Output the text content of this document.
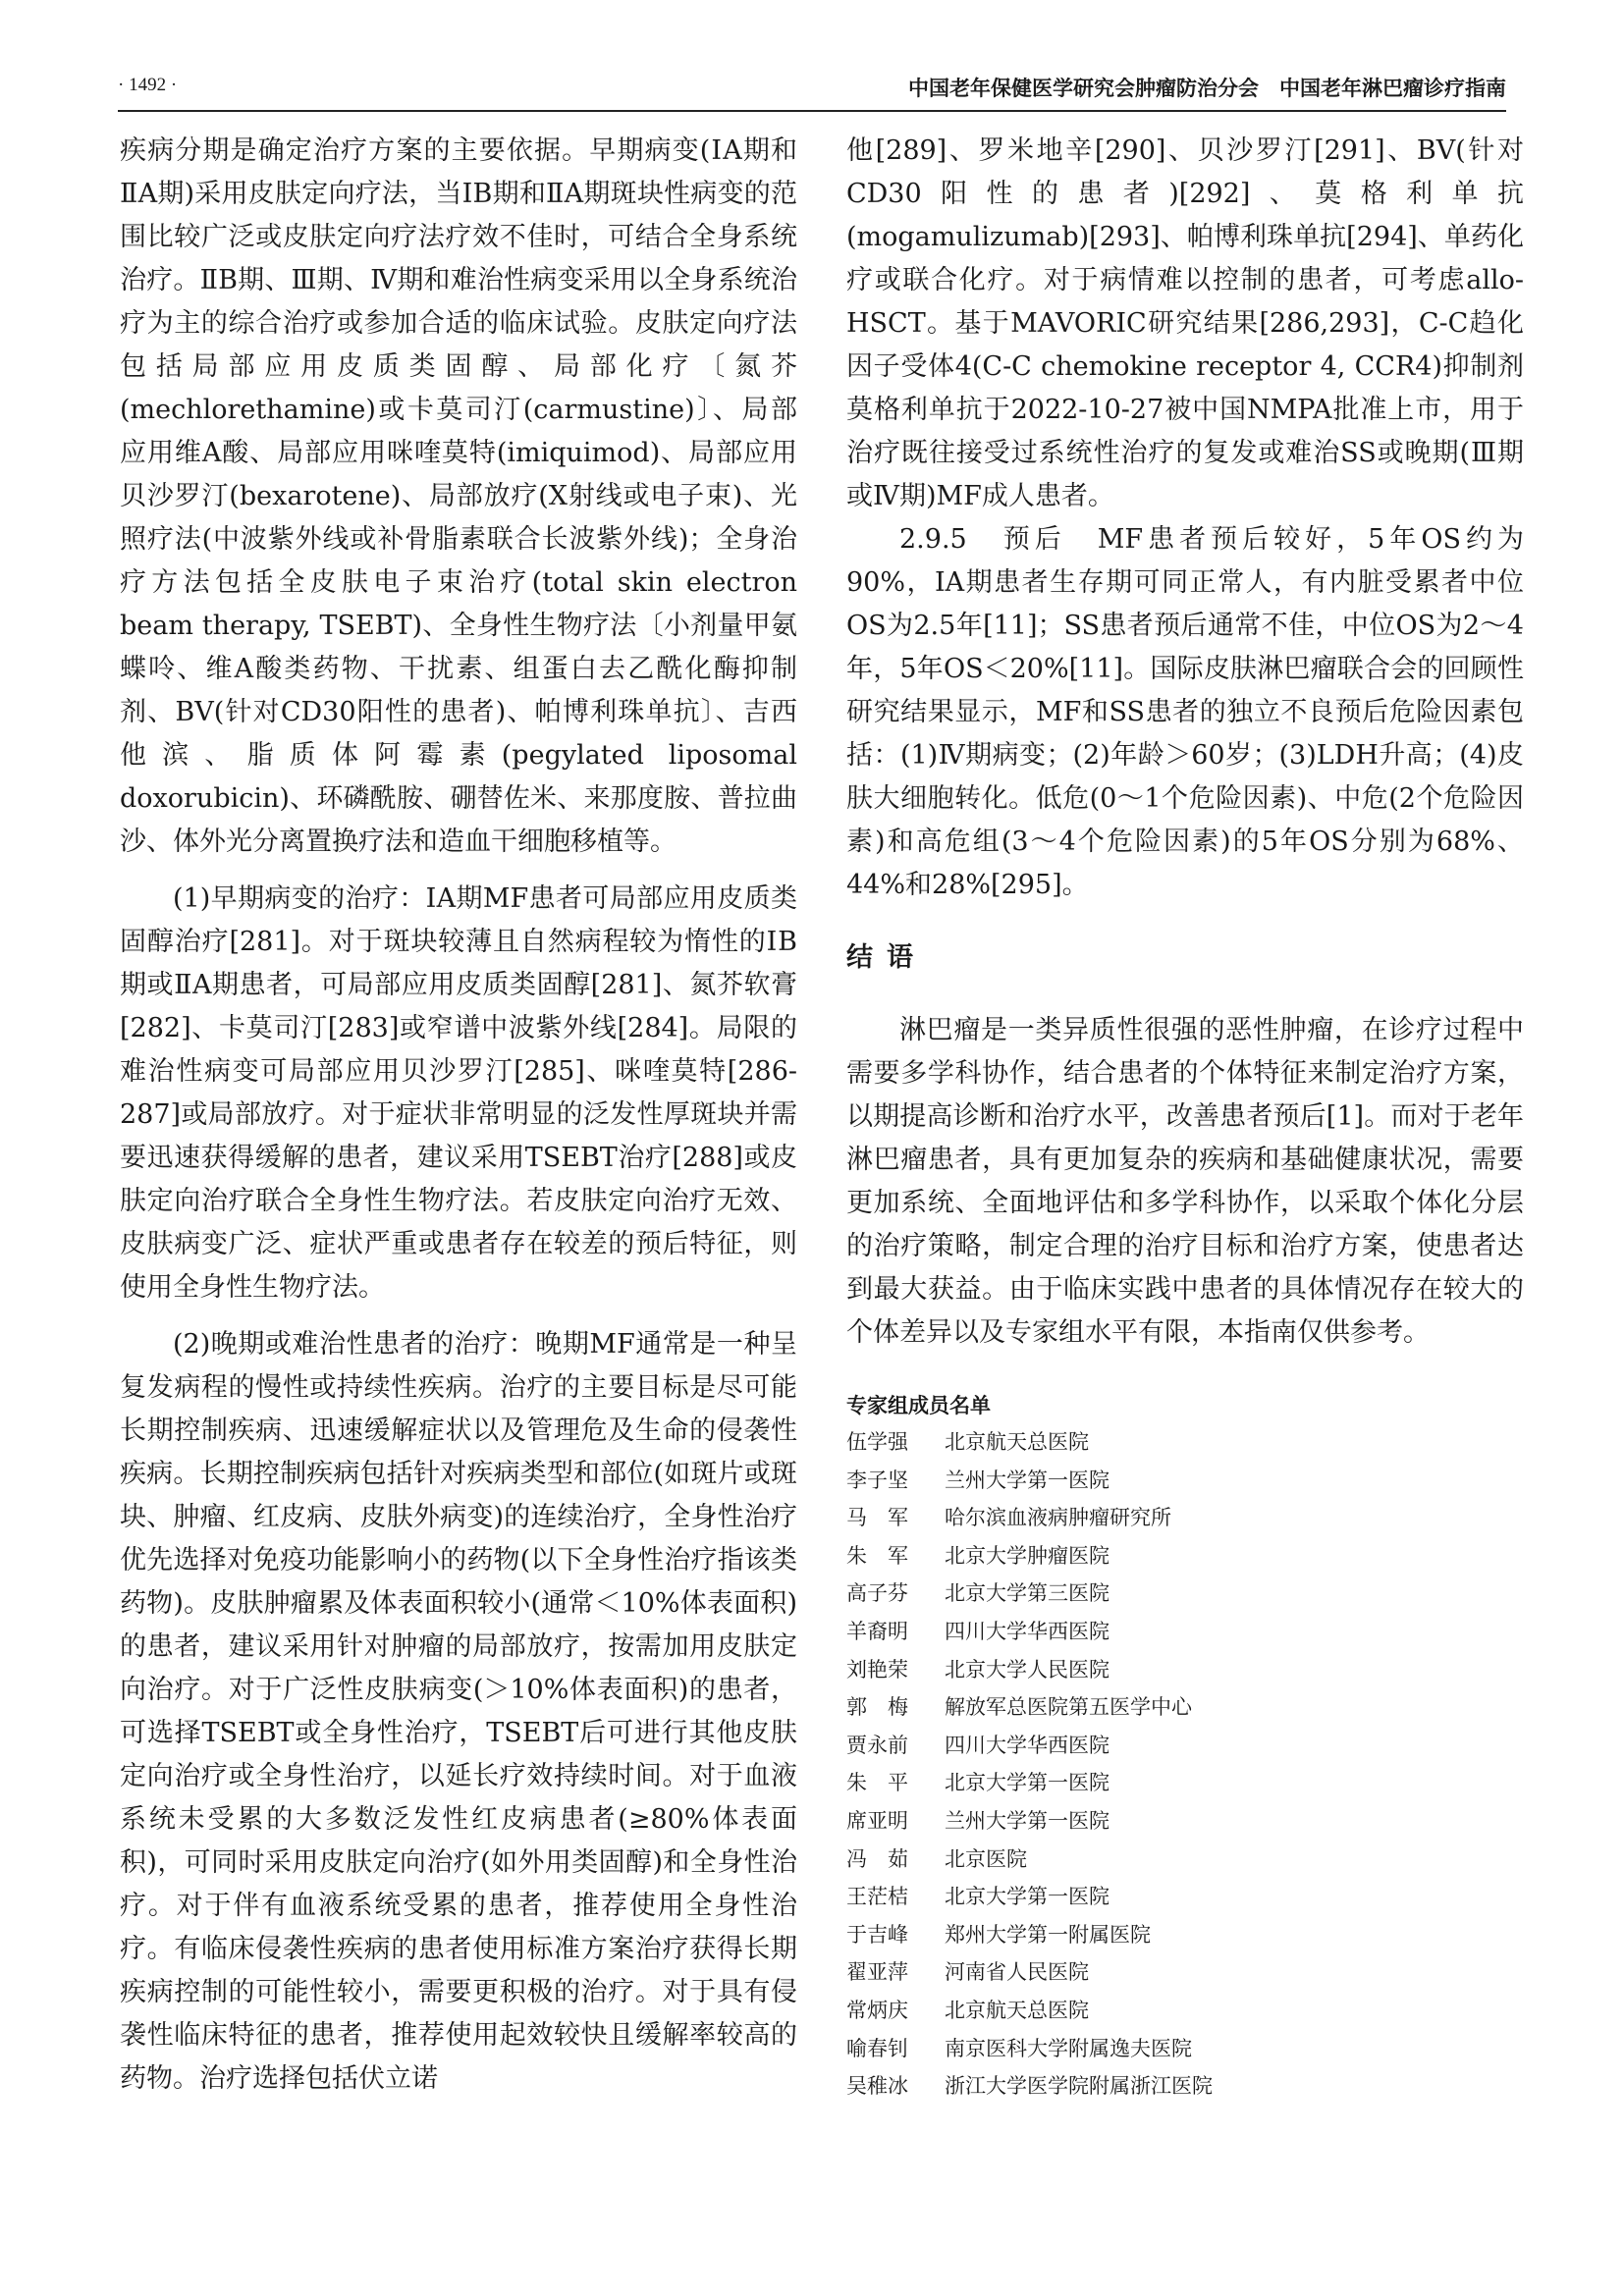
· 1492 ·	中国老年保健医学研究会肿瘤防治分会　中国老年淋巴瘤诊疗指南

疾病分期是确定治疗方案的主要依据。早期病变(ⅠA期和ⅡA期)采用皮肤定向疗法，当ⅠB期和ⅡA期斑块性病变的范围比较广泛或皮肤定向疗法疗效不佳时，可结合全身系统治疗。ⅡB期、Ⅲ期、Ⅳ期和难治性病变采用以全身系统治疗为主的综合治疗或参加合适的临床试验。皮肤定向疗法包括局部应用皮质类固醇、局部化疗〔氮芥(mechlorethamine)或卡莫司汀(carmustine)〕、局部应用维A酸、局部应用咪喹莫特(imiquimod)、局部应用贝沙罗汀(bexarotene)、局部放疗(X射线或电子束)、光照疗法(中波紫外线或补骨脂素联合长波紫外线)；全身治疗方法包括全皮肤电子束治疗(total skin electron beam therapy, TSEBT)、全身性生物疗法〔小剂量甲氨蝶呤、维A酸类药物、干扰素、组蛋白去乙酰化酶抑制剂、BV(针对CD30阳性的患者)、帕博利珠单抗〕、吉西他滨、脂质体阿霉素(pegylated liposomal doxorubicin)、环磷酰胺、硼替佐米、来那度胺、普拉曲沙、体外光分离置换疗法和造血干细胞移植等。

(1)早期病变的治疗：ⅠA期MF患者可局部应用皮质类固醇治疗[281]。对于斑块较薄且自然病程较为惰性的ⅠB期或ⅡA期患者，可局部应用皮质类固醇[281]、氮芥软膏[282]、卡莫司汀[283]或窄谱中波紫外线[284]。局限的难治性病变可局部应用贝沙罗汀[285]、咪喹莫特[286-287]或局部放疗。对于症状非常明显的泛发性厚斑块并需要迅速获得缓解的患者，建议采用TSEBT治疗[288]或皮肤定向治疗联合全身性生物疗法。若皮肤定向治疗无效、皮肤病变广泛、症状严重或患者存在较差的预后特征，则使用全身性生物疗法。

(2)晚期或难治性患者的治疗：晚期MF通常是一种呈复发病程的慢性或持续性疾病。治疗的主要目标是尽可能长期控制疾病、迅速缓解症状以及管理危及生命的侵袭性疾病。长期控制疾病包括针对疾病类型和部位(如斑片或斑块、肿瘤、红皮病、皮肤外病变)的连续治疗，全身性治疗优先选择对免疫功能影响小的药物(以下全身性治疗指该类药物)。皮肤肿瘤累及体表面积较小(通常＜10%体表面积)的患者，建议采用针对肿瘤的局部放疗，按需加用皮肤定向治疗。对于广泛性皮肤病变(＞10%体表面积)的患者，可选择TSEBT或全身性治疗，TSEBT后可进行其他皮肤定向治疗或全身性治疗，以延长疗效持续时间。对于血液系统未受累的大多数泛发性红皮病患者(≥80%体表面积)，可同时采用皮肤定向治疗(如外用类固醇)和全身性治疗。对于伴有血液系统受累的患者，推荐使用全身性治疗。有临床侵袭性疾病的患者使用标准方案治疗获得长期疾病控制的可能性较小，需要更积极的治疗。对于具有侵袭性临床特征的患者，推荐使用起效较快且缓解率较高的药物。治疗选择包括伏立诺

他[289]、罗米地辛[290]、贝沙罗汀[291]、BV(针对CD30阳性的患者)[292]、莫格利单抗(mogamulizumab)[293]、帕博利珠单抗[294]、单药化疗或联合化疗。对于病情难以控制的患者，可考虑allo-HSCT。基于MAVORIC研究结果[286,293]，C-C趋化因子受体4(C-C chemokine receptor 4, CCR4)抑制剂莫格利单抗于2022-10-27被中国NMPA批准上市，用于治疗既往接受过系统性治疗的复发或难治SS或晚期(Ⅲ期或Ⅳ期)MF成人患者。

2.9.5　预后　MF患者预后较好，5年OS约为90%，IA期患者生存期可同正常人，有内脏受累者中位OS为2.5年[11]；SS患者预后通常不佳，中位OS为2～4年，5年OS＜20%[11]。国际皮肤淋巴瘤联合会的回顾性研究结果显示，MF和SS患者的独立不良预后危险因素包括：(1)Ⅳ期病变；(2)年龄＞60岁；(3)LDH升高；(4)皮肤大细胞转化。低危(0～1个危险因素)、中危(2个危险因素)和高危组(3～4个危险因素)的5年OS分别为68%、44%和28%[295]。

结语

淋巴瘤是一类异质性很强的恶性肿瘤，在诊疗过程中需要多学科协作，结合患者的个体特征来制定治疗方案，以期提高诊断和治疗水平，改善患者预后[1]。而对于老年淋巴瘤患者，具有更加复杂的疾病和基础健康状况，需要更加系统、全面地评估和多学科协作，以采取个体化分层的治疗策略，制定合理的治疗目标和治疗方案，使患者达到最大获益。由于临床实践中患者的具体情况存在较大的个体差异以及专家组水平有限，本指南仅供参考。

专家组成员名单

伍学强	北京航天总医院
李子坚	兰州大学第一医院
马　军	哈尔滨血液病肿瘤研究所
朱　军	北京大学肿瘤医院
高子芬	北京大学第三医院
羊裔明	四川大学华西医院
刘艳荣	北京大学人民医院
郭　梅	解放军总医院第五医学中心
贾永前	四川大学华西医院
朱　平	北京大学第一医院
席亚明	兰州大学第一医院
冯　茹	北京医院
王茫桔	北京大学第一医院
于吉峰	郑州大学第一附属医院
翟亚萍	河南省人民医院
常炳庆	北京航天总医院
喻春钊	南京医科大学附属逸夫医院
吴稚冰	浙江大学医学院附属浙江医院
